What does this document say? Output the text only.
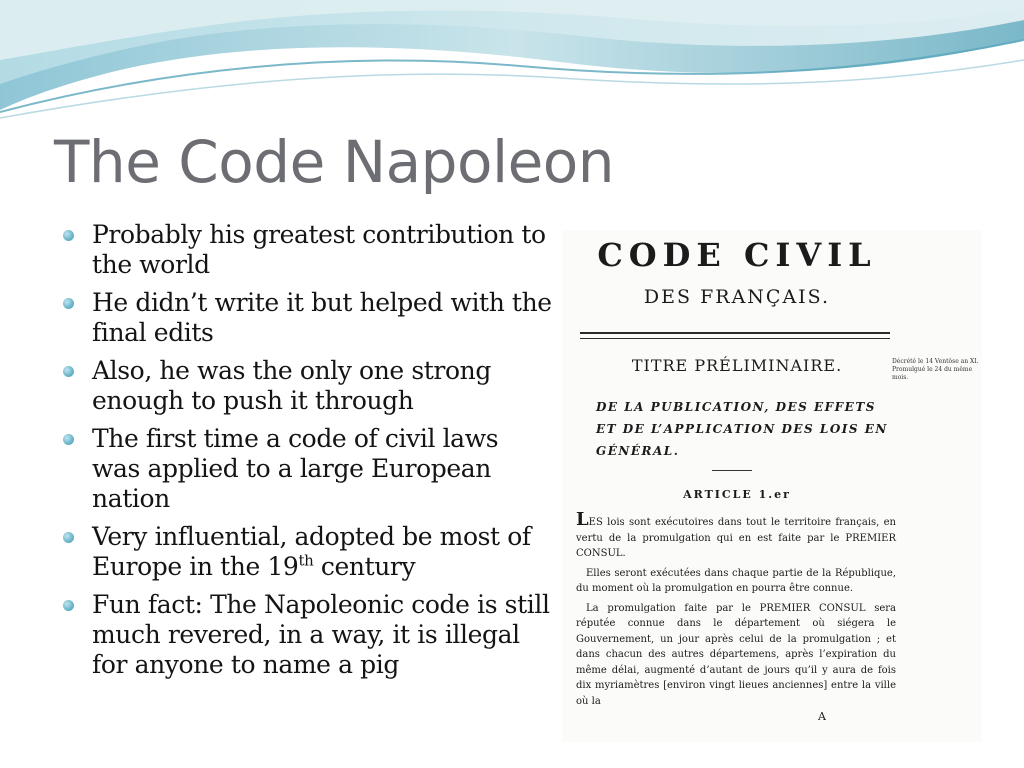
The Code Napoleon
Probably his greatest contribution to the world
He didn’t write it but helped with the final edits
Also, he was the only one strong enough to push it through
The first time a code of civil laws was applied to a large European nation
Very influential, adopted be most of Europe in the 19th century
Fun fact: The Napoleonic code is still much revered, in a way, it is illegal for anyone to name a pig
CODE CIVIL
DES FRANÇAIS.
TITRE PRÉLIMINAIRE.	Décrété le 14 Ventôse an XI.
Promulgué le 24 du même mois.
DE LA PUBLICATION, DES EFFETS ET DE L’APPLICATION DES LOIS EN GÉNÉRAL.
ARTICLE 1.er

LES lois sont exécutoires dans tout le territoire français, en vertu de la promulgation qui en est faite par le PREMIER CONSUL.

Elles seront exécutées dans chaque partie de la République, du moment où la promulgation en pourra être connue.

La promulgation faite par le PREMIER CONSUL sera réputée connue dans le département où siégera le Gouvernement, un jour après celui de la promulgation ; et dans chacun des autres départemens, après l’expiration du même délai, augmenté d’autant de jours qu’il y aura de fois dix myriamètres [environ vingt lieues anciennes] entre la ville où la

A
